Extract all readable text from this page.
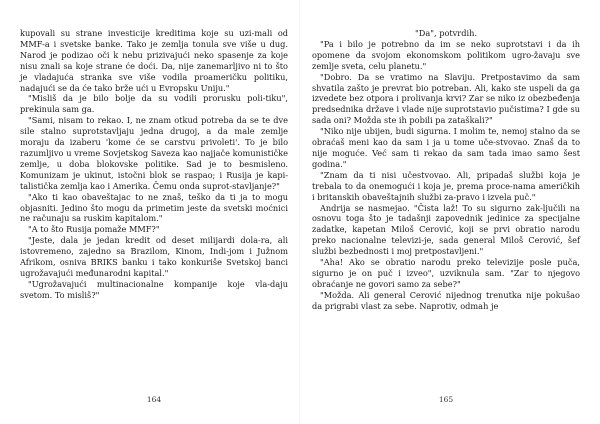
kupovali su strane investicije kreditima koje su uzi-mali od MMF-a i svetske banke. Tako je zemlja tonula sve više u dug. Narod je podizao oči k nebu prizivajući neko spasenje za koje nisu znali sa koje strane će doći. Da, nije zanemarljivo ni to što je vladajuća stranka sve više vodila proameričku politiku, nadajući se da će tako brže ući u Evropsku Uniju."

"Misliš da je bilo bolje da su vodili prorusku poli-tiku", prekinula sam ga.

"Sami, nisam to rekao. I, ne znam otkud potreba da se te dve sile stalno suprotstavljaju jedna drugoj, a da male zemlje moraju da izaberu 'kome će se carstvu privoleti'. To je bilo razumljivo u vreme Sovjetskog Saveza kao najjače komunističke zemlje, u doba blokovske politike. Sad je to besmisleno. Komunizam je ukinut, istočni blok se raspao; i Rusija je kapi-talistička zemlja kao i Amerika. Čemu onda suprot-stavljanje?"

"Ako ti kao obaveštajac to ne znaš, teško da ti ja to mogu objasniti. Jedino što mogu da primetim jeste da svetski moćnici ne računaju sa ruskim kapitalom."

"A to što Rusija pomaže MMF?"

"Jeste, dala je jedan kredit od deset milijardi dola-ra, ali istovremeno, zajedno sa Brazilom, Kinom, Indi-jom i Južnom Afrikom, osniva BRIKS banku i tako konkuriše Svetskoj banci ugrožavajući međunarodni kapital."

"Ugrožavajući multinacionalne kompanije koje vla-daju svetom. To misliš?"

164

"Da", potvrdih.

"Pa i bilo je potrebno da im se neko suprotstavi i da ih opomene da svojom ekonomskom politikom ugro-žavaju sve zemlje sveta, celu planetu."

"Dobro. Da se vratimo na Slaviju. Pretpostavimo da sam shvatila zašto je prevrat bio potreban. Ali, kako ste uspeli da ga izvedete bez otpora i prolivanja krvi? Zar se niko iz obezbeđenja predsednika države i vlade nije suprotstavio pučistima? I gde su sada oni? Možda ste ih pobili pa zataškali?"

"Niko nije ubijen, budi sigurna. I molim te, nemoj stalno da se obraćaš meni kao da sam i ja u tome uče-stvovao. Znaš da to nije moguće. Već sam ti rekao da sam tada imao samo šest godina."

"Znam da ti nisi učestvovao. Ali, pripadaš službi koja je trebala to da onemogući i koja je, prema proce-nama američkih i britanskih obaveštajnih službi za-pravo i izvela puč."

Andrija se nasmejao. "Čista laž! To su sigurno zak-ljučili na osnovu toga što je tadašnji zapovednik jedinice za specijalne zadatke, kapetan Miloš Cerović, koji se prvi obratio narodu preko nacionalne televizi-je, sada general Miloš Cerović, šef službi bezbednosti i moj pretpostavljeni."

"Aha! Ako se obratio narodu preko televizije posle puča, sigurno je on puč i izveo", uzviknula sam. "Zar to njegovo obraćanje ne govori samo za sebe?"

"Možda. Ali general Cerović nijednog trenutka nije pokušao da prigrabi vlast za sebe. Naprotiv, odmah je

165
